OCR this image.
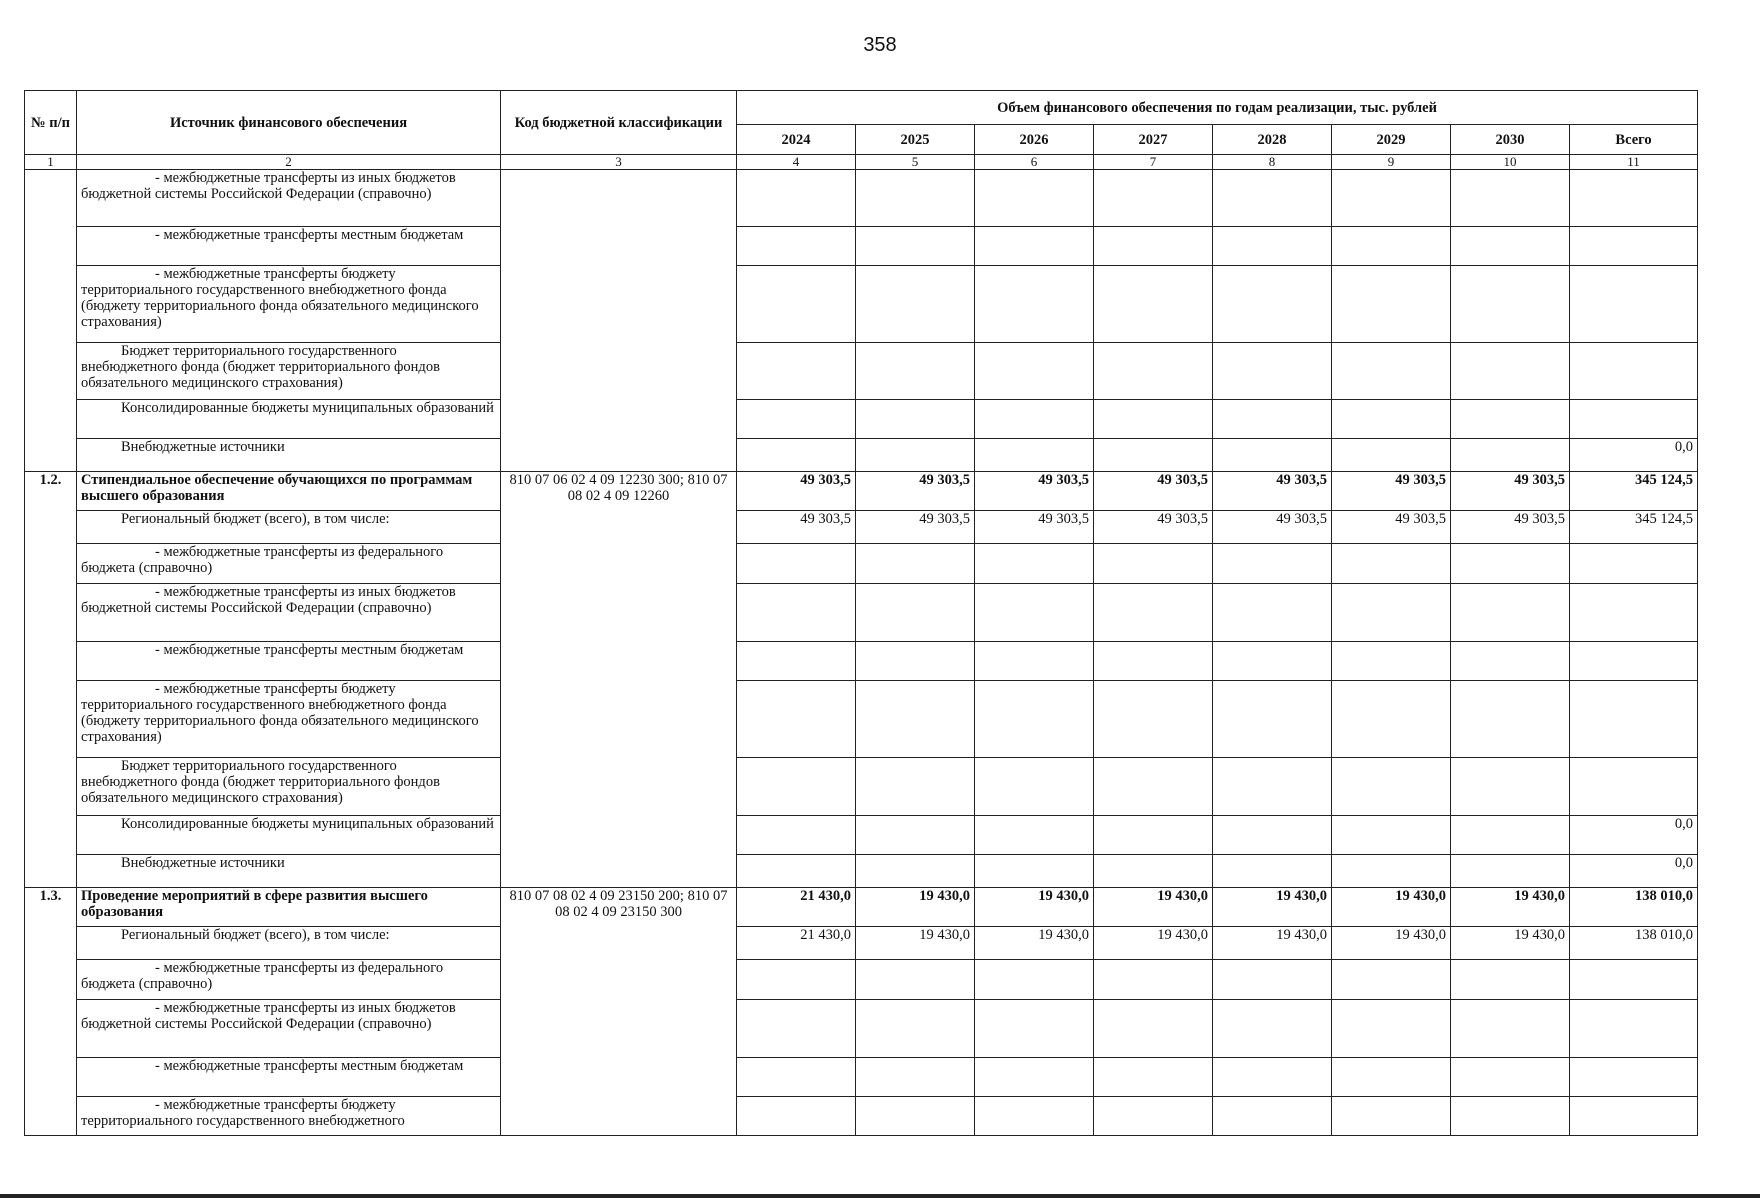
358
№ п/п	Источник финансового обеспечения	Код бюджетной классификации	Объем финансового обеспечения по годам реализации, тыс. рублей							
			2024	2025	2026	2027	2028	2029	2030	Всего
1	2	3	4	5	6	7	8	9	10	11
	- межбюджетные трансферты из иных бюджетов бюджетной системы Российской Федерации (справочно)									
	- межбюджетные трансферты местным бюджетам									
	- межбюджетные трансферты бюджету территориального государственного внебюджетного фонда (бюджету территориального фонда обязательного медицинского страхования)									
	Бюджет территориального государственного внебюджетного фонда (бюджет территориального фондов обязательного медицинского страхования)									
	Консолидированные бюджеты муниципальных образований									
	Внебюджетные источники									0,0
1.2.	Стипендиальное обеспечение обучающихся по программам высшего образования	810 07 06 02 4 09 12230 300; 810 07 08 02 4 09 12260	49 303,5	49 303,5	49 303,5	49 303,5	49 303,5	49 303,5	49 303,5	345 124,5
	Региональный бюджет (всего), в том числе:		49 303,5	49 303,5	49 303,5	49 303,5	49 303,5	49 303,5	49 303,5	345 124,5
	- межбюджетные трансферты из федерального бюджета (справочно)									
	- межбюджетные трансферты из иных бюджетов бюджетной системы Российской Федерации (справочно)									
	- межбюджетные трансферты местным бюджетам									
	- межбюджетные трансферты бюджету территориального государственного внебюджетного фонда (бюджету территориального фонда обязательного медицинского страхования)									
	Бюджет территориального государственного внебюджетного фонда (бюджет территориального фондов обязательного медицинского страхования)									
	Консолидированные бюджеты муниципальных образований									0,0
	Внебюджетные источники									0,0
1.3.	Проведение мероприятий в сфере развития высшего образования	810 07 08 02 4 09 23150 200; 810 07 08 02 4 09 23150 300	21 430,0	19 430,0	19 430,0	19 430,0	19 430,0	19 430,0	19 430,0	138 010,0
	Региональный бюджет (всего), в том числе:		21 430,0	19 430,0	19 430,0	19 430,0	19 430,0	19 430,0	19 430,0	138 010,0
	- межбюджетные трансферты из федерального бюджета (справочно)									
	- межбюджетные трансферты из иных бюджетов бюджетной системы Российской Федерации (справочно)									
	- межбюджетные трансферты местным бюджетам									
	- межбюджетные трансферты бюджету территориального государственного внебюджетного									
